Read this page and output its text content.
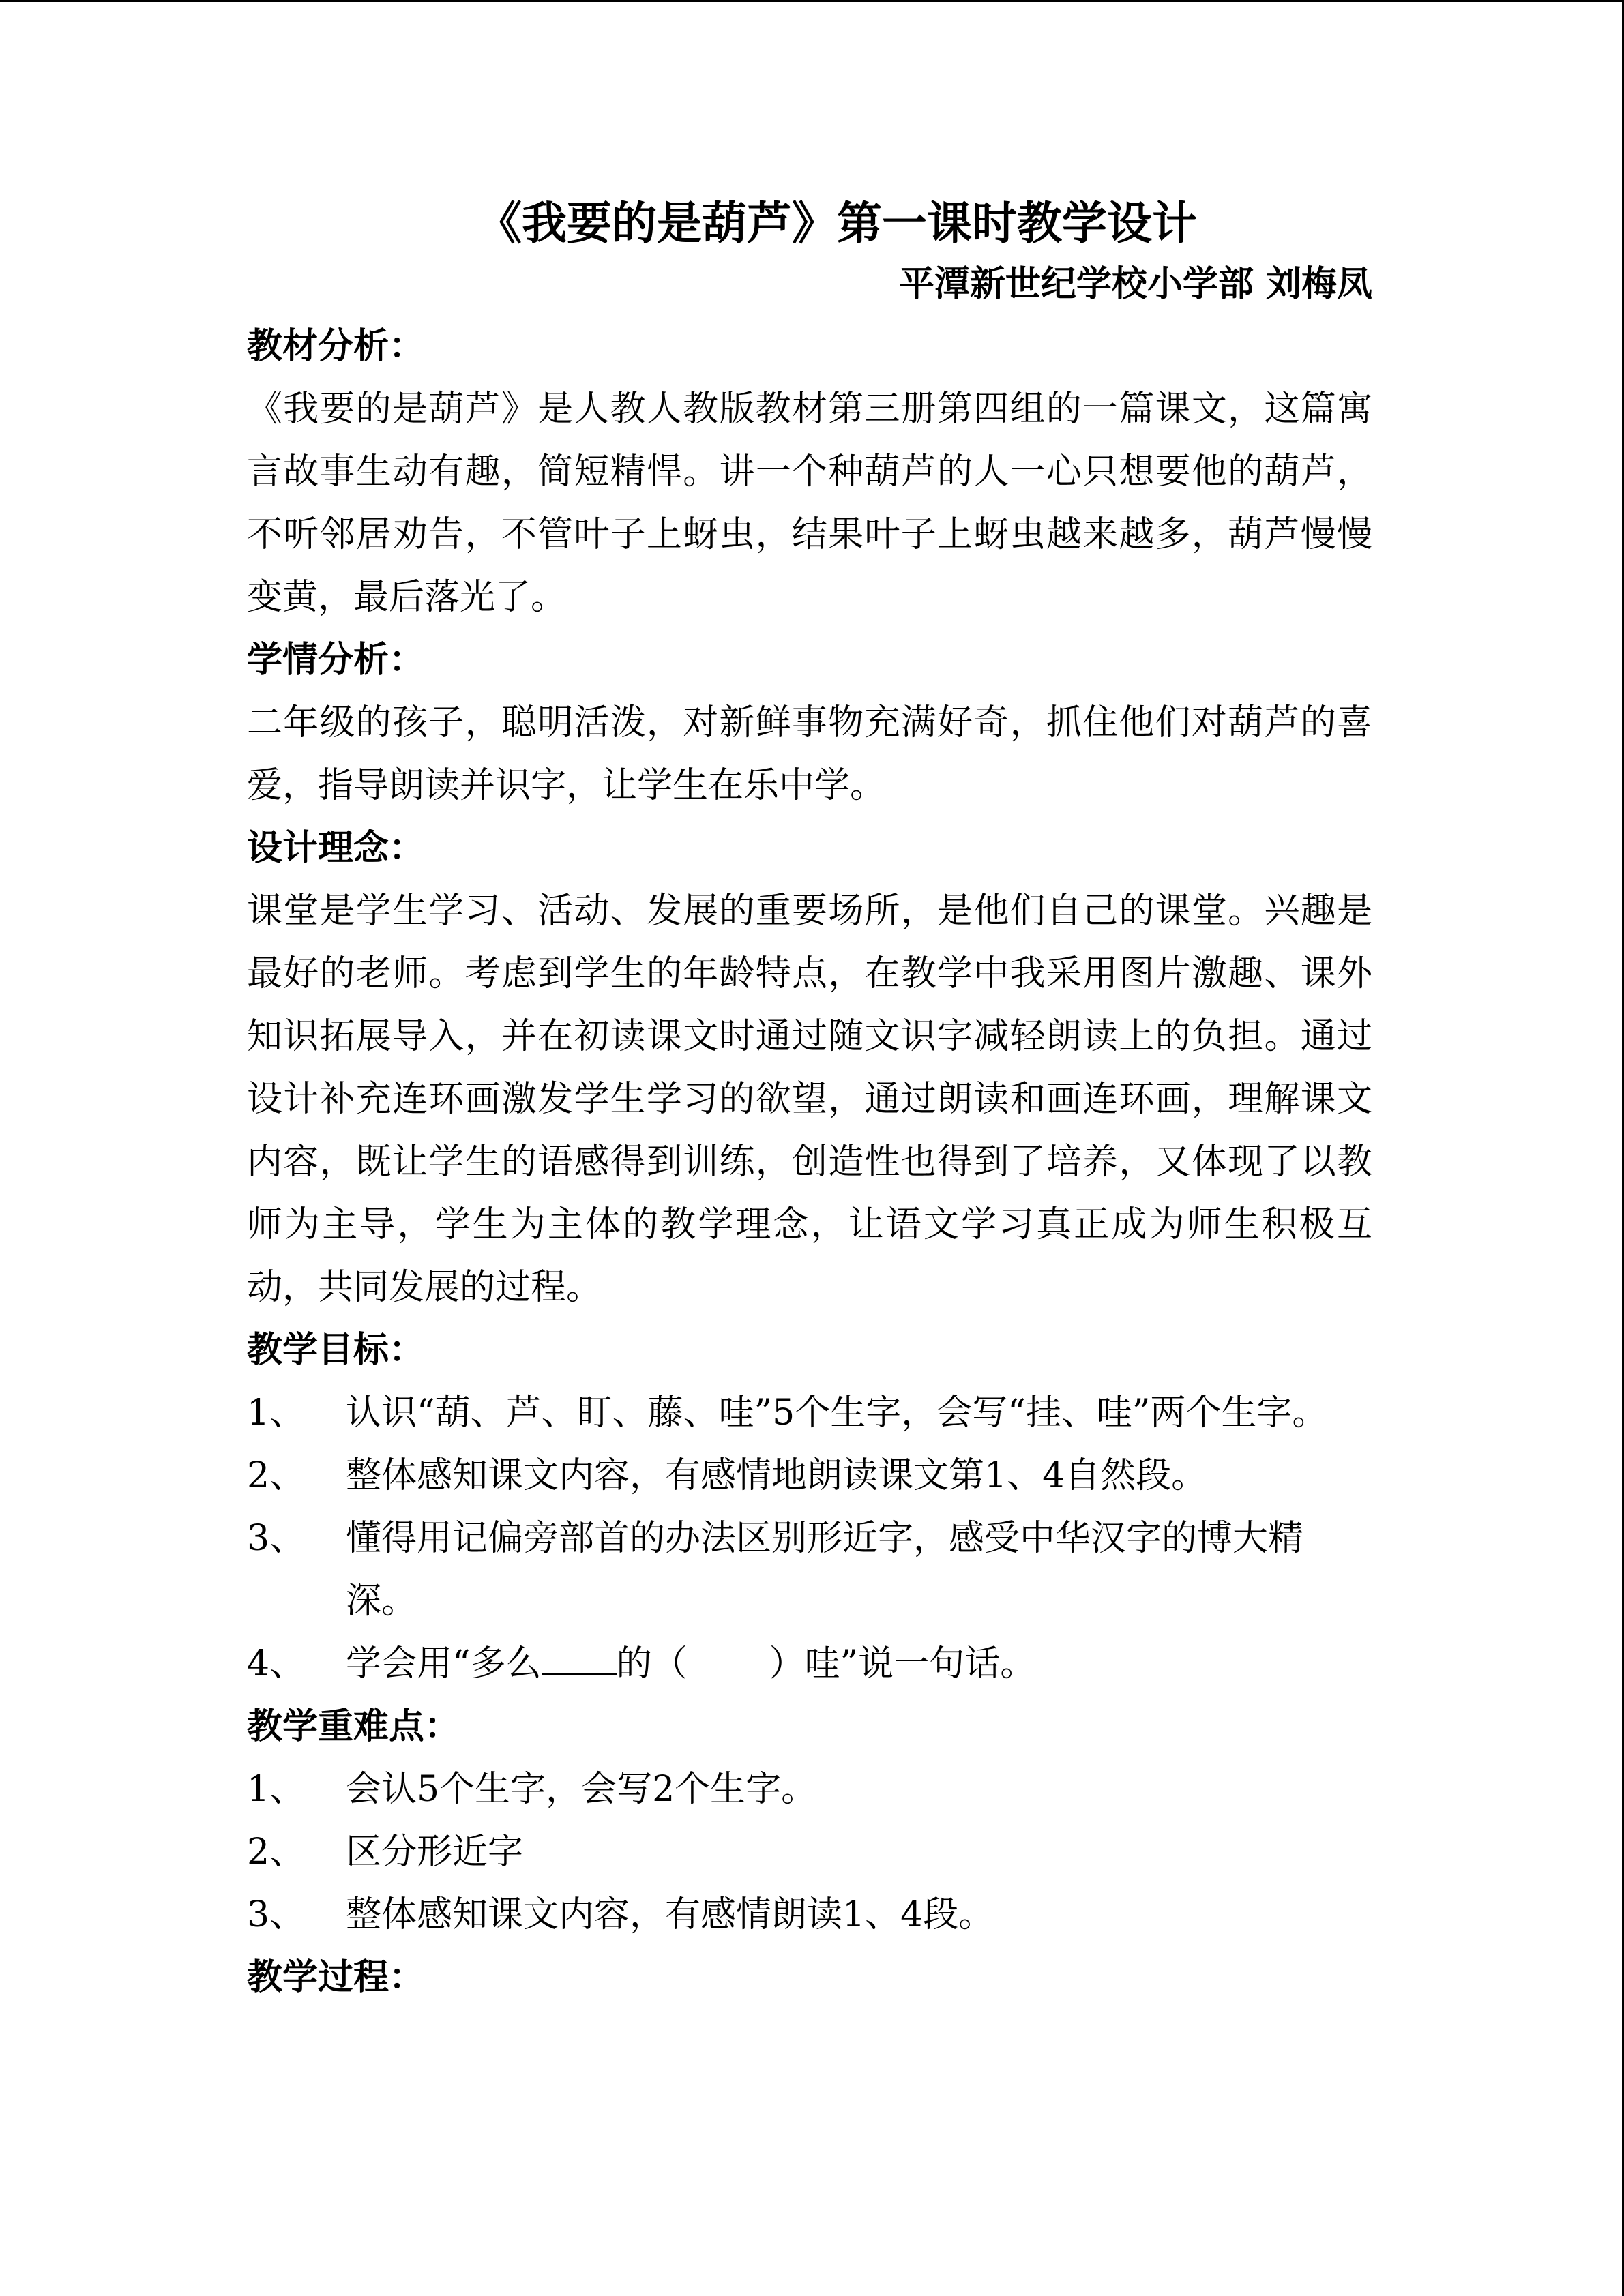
《我要的是葫芦》第一课时教学设计

平潭新世纪学校小学部 刘梅凤

教材分析：

《我要的是葫芦》是人教人教版教材第三册第四组的一篇课文，这篇寓言故事生动有趣，简短精悍。讲一个种葫芦的人一心只想要他的葫芦，不听邻居劝告，不管叶子上蚜虫，结果叶子上蚜虫越来越多，葫芦慢慢变黄，最后落光了。

学情分析：

二年级的孩子，聪明活泼，对新鲜事物充满好奇，抓住他们对葫芦的喜爱，指导朗读并识字，让学生在乐中学。

设计理念：

课堂是学生学习、活动、发展的重要场所，是他们自己的课堂。兴趣是最好的老师。考虑到学生的年龄特点，在教学中我采用图片激趣、课外知识拓展导入，并在初读课文时通过随文识字减轻朗读上的负担。通过设计补充连环画激发学生学习的欲望，通过朗读和画连环画，理解课文内容，既让学生的语感得到训练，创造性也得到了培养，又体现了以教师为主导，学生为主体的教学理念，让语文学习真正成为师生积极互动，共同发展的过程。

教学目标：

1、	认识“葫、芦、盯、藤、哇”5个生字，会写“挂、哇”两个生字。
2、	整体感知课文内容，有感情地朗读课文第1、4自然段。
3、	懂得用记偏旁部首的办法区别形近字，感受中华汉字的博大精深。
4、	学会用“多么 的（ ）哇”说一句话。

教学重难点：

1、	会认5个生字，会写2个生字。
2、	区分形近字
3、	整体感知课文内容，有感情朗读1、4段。

教学过程：
